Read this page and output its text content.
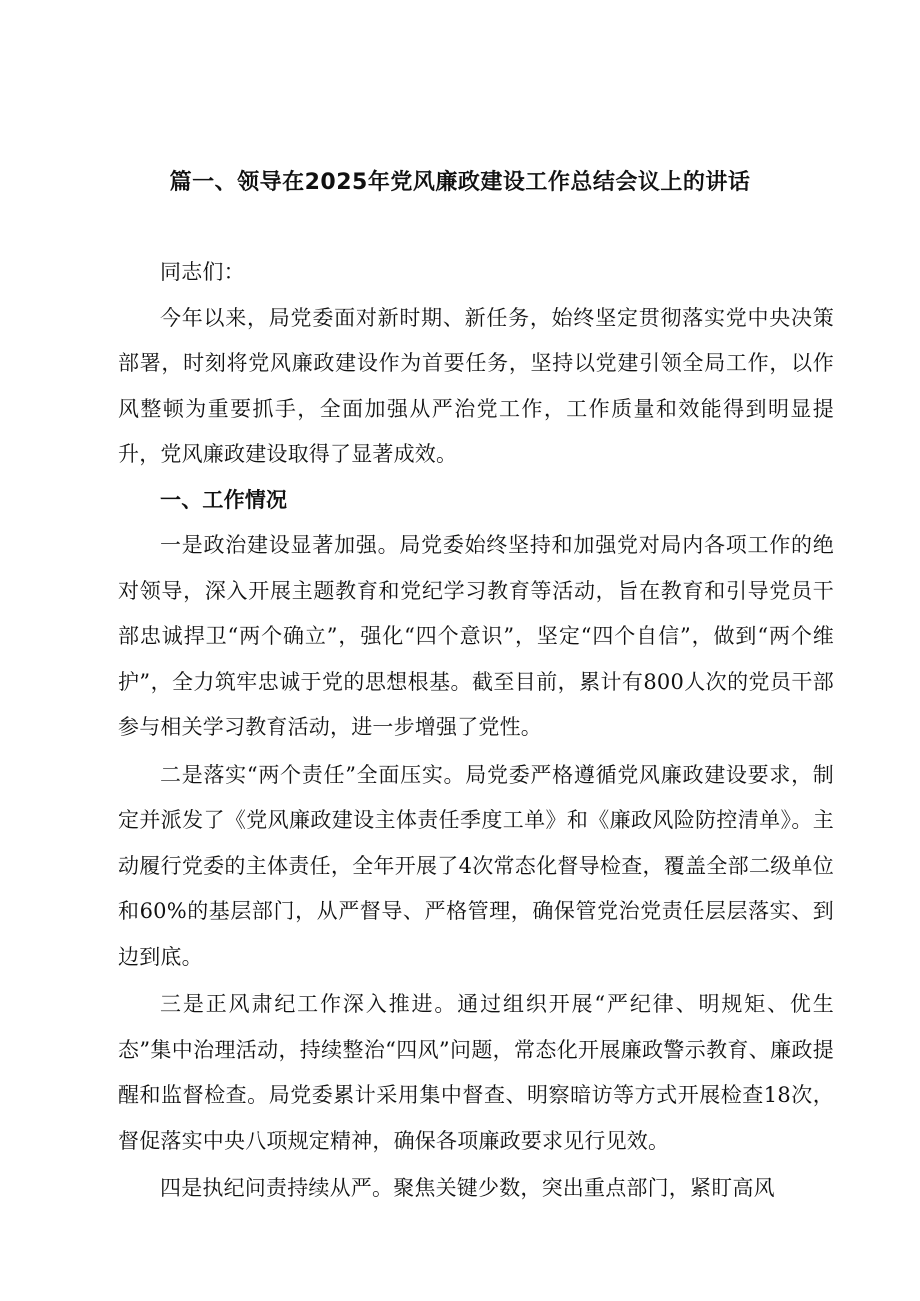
篇一、领导在2025年党风廉政建设工作总结会议上的讲话

同志们：

今年以来，局党委面对新时期、新任务，始终坚定贯彻落实党中央决策部署，时刻将党风廉政建设作为首要任务，坚持以党建引领全局工作，以作风整顿为重要抓手，全面加强从严治党工作，工作质量和效能得到明显提升，党风廉政建设取得了显著成效。

一、工作情况

一是政治建设显著加强。局党委始终坚持和加强党对局内各项工作的绝对领导，深入开展主题教育和党纪学习教育等活动，旨在教育和引导党员干部忠诚捍卫“两个确立”，强化“四个意识”，坚定“四个自信”，做到“两个维护”，全力筑牢忠诚于党的思想根基。截至目前，累计有800人次的党员干部参与相关学习教育活动，进一步增强了党性。

二是落实“两个责任”全面压实。局党委严格遵循党风廉政建设要求，制定并派发了《党风廉政建设主体责任季度工单》和《廉政风险防控清单》。主动履行党委的主体责任，全年开展了4次常态化督导检查，覆盖全部二级单位和60%的基层部门，从严督导、严格管理，确保管党治党责任层层落实、到边到底。

三是正风肃纪工作深入推进。通过组织开展“严纪律、明规矩、优生态”集中治理活动，持续整治“四风”问题，常态化开展廉政警示教育、廉政提醒和监督检查。局党委累计采用集中督查、明察暗访等方式开展检查18次，督促落实中央八项规定精神，确保各项廉政要求见行见效。

四是执纪问责持续从严。聚焦关键少数，突出重点部门，紧盯高风
